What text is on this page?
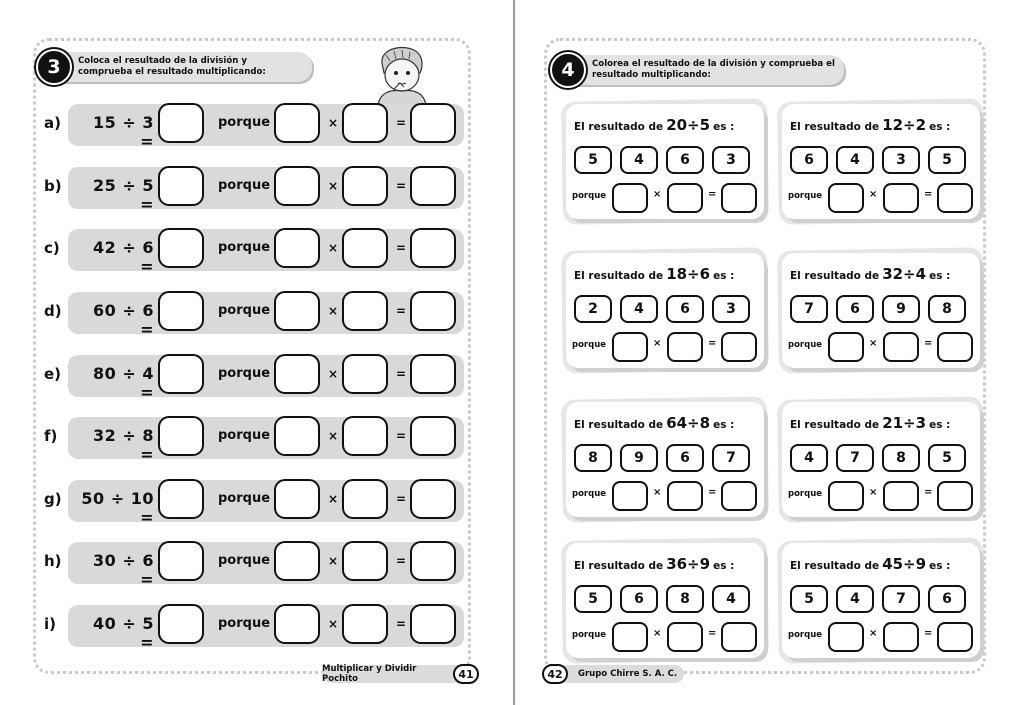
3	Coloca el resultado de la división y comprueba el resultado multiplicando:
a)	15 ÷ 3 =
porque	×	=
b)	25 ÷ 5 =
porque	×	=
c)	42 ÷ 6 =
porque	×	=
d)	60 ÷ 6 =
porque	×	=
e)	80 ÷ 4 =
porque	×	=
f)	32 ÷ 8 =
porque	×	=
g)	50 ÷ 10 =
porque	×	=
h)	30 ÷ 6 =
porque	×	=
i)	40 ÷ 5 =
porque	×	=
Multiplicar y Dividir Pochito	41
4	Colorea el resultado de la división y comprueba el resultado multiplicando:
El resultado de 20÷5 es :
5	4	6	3
porque	×	=
El resultado de 12÷2 es :
6	4	3	5
porque	×	=
El resultado de 18÷6 es :
2	4	6	3
porque	×	=
El resultado de 32÷4 es :
7	6	9	8
porque	×	=
El resultado de 64÷8 es :
8	9	6	7
porque	×	=
El resultado de 21÷3 es :
4	7	8	5
porque	×	=
El resultado de 36÷9 es :
5	6	8	4
porque	×	=
El resultado de 45÷9 es :
5	4	7	6
porque	×	=
Grupo Chirre S. A. C.
42
